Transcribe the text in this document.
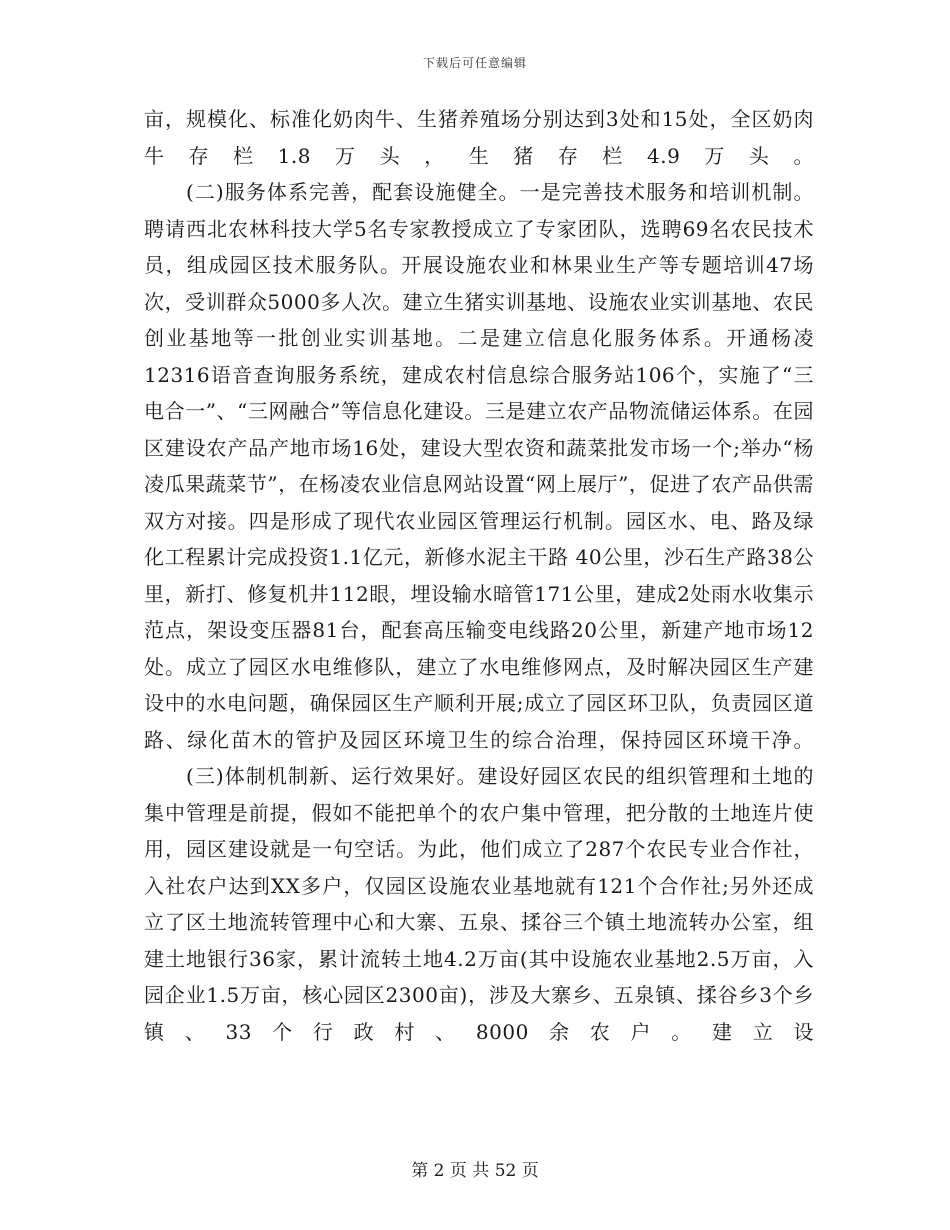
下载后可任意编辑

亩，规模化、标准化奶肉牛、生猪养殖场分别达到3处和15处，全区奶肉牛存栏1.8万头，生猪存栏4.9万头。

(二)服务体系完善，配套设施健全。一是完善技术服务和培训机制。聘请西北农林科技大学5名专家教授成立了专家团队，选聘69名农民技术员，组成园区技术服务队。开展设施农业和林果业生产等专题培训47场次，受训群众5000多人次。建立生猪实训基地、设施农业实训基地、农民创业基地等一批创业实训基地。二是建立信息化服务体系。开通杨凌12316语音查询服务系统，建成农村信息综合服务站106个，实施了“三电合一”、“三网融合”等信息化建设。三是建立农产品物流储运体系。在园区建设农产品产地市场16处，建设大型农资和蔬菜批发市场一个;举办“杨凌瓜果蔬菜节”，在杨凌农业信息网站设置“网上展厅”，促进了农产品供需双方对接。四是形成了现代农业园区管理运行机制。园区水、电、路及绿化工程累计完成投资1.1亿元，新修水泥主干路 40公里，沙石生产路38公里，新打、修复机井112眼，埋设输水暗管171公里，建成2处雨水收集示范点，架设变压器81台，配套高压输变电线路20公里，新建产地市场12处。成立了园区水电维修队，建立了水电维修网点，及时解决园区生产建设中的水电问题，确保园区生产顺利开展;成立了园区环卫队，负责园区道路、绿化苗木的管护及园区环境卫生的综合治理，保持园区环境干净。

(三)体制机制新、运行效果好。建设好园区农民的组织管理和土地的集中管理是前提，假如不能把单个的农户集中管理，把分散的土地连片使用，园区建设就是一句空话。为此，他们成立了287个农民专业合作社，入社农户达到XX多户，仅园区设施农业基地就有121个合作社;另外还成立了区土地流转管理中心和大寨、五泉、揉谷三个镇土地流转办公室，组建土地银行36家，累计流转土地4.2万亩(其中设施农业基地2.5万亩，入园企业1.5万亩，核心园区2300亩)，涉及大寨乡、五泉镇、揉谷乡3个乡镇、33个行政村、8000余农户。建立设

第 2 页 共 52 页
